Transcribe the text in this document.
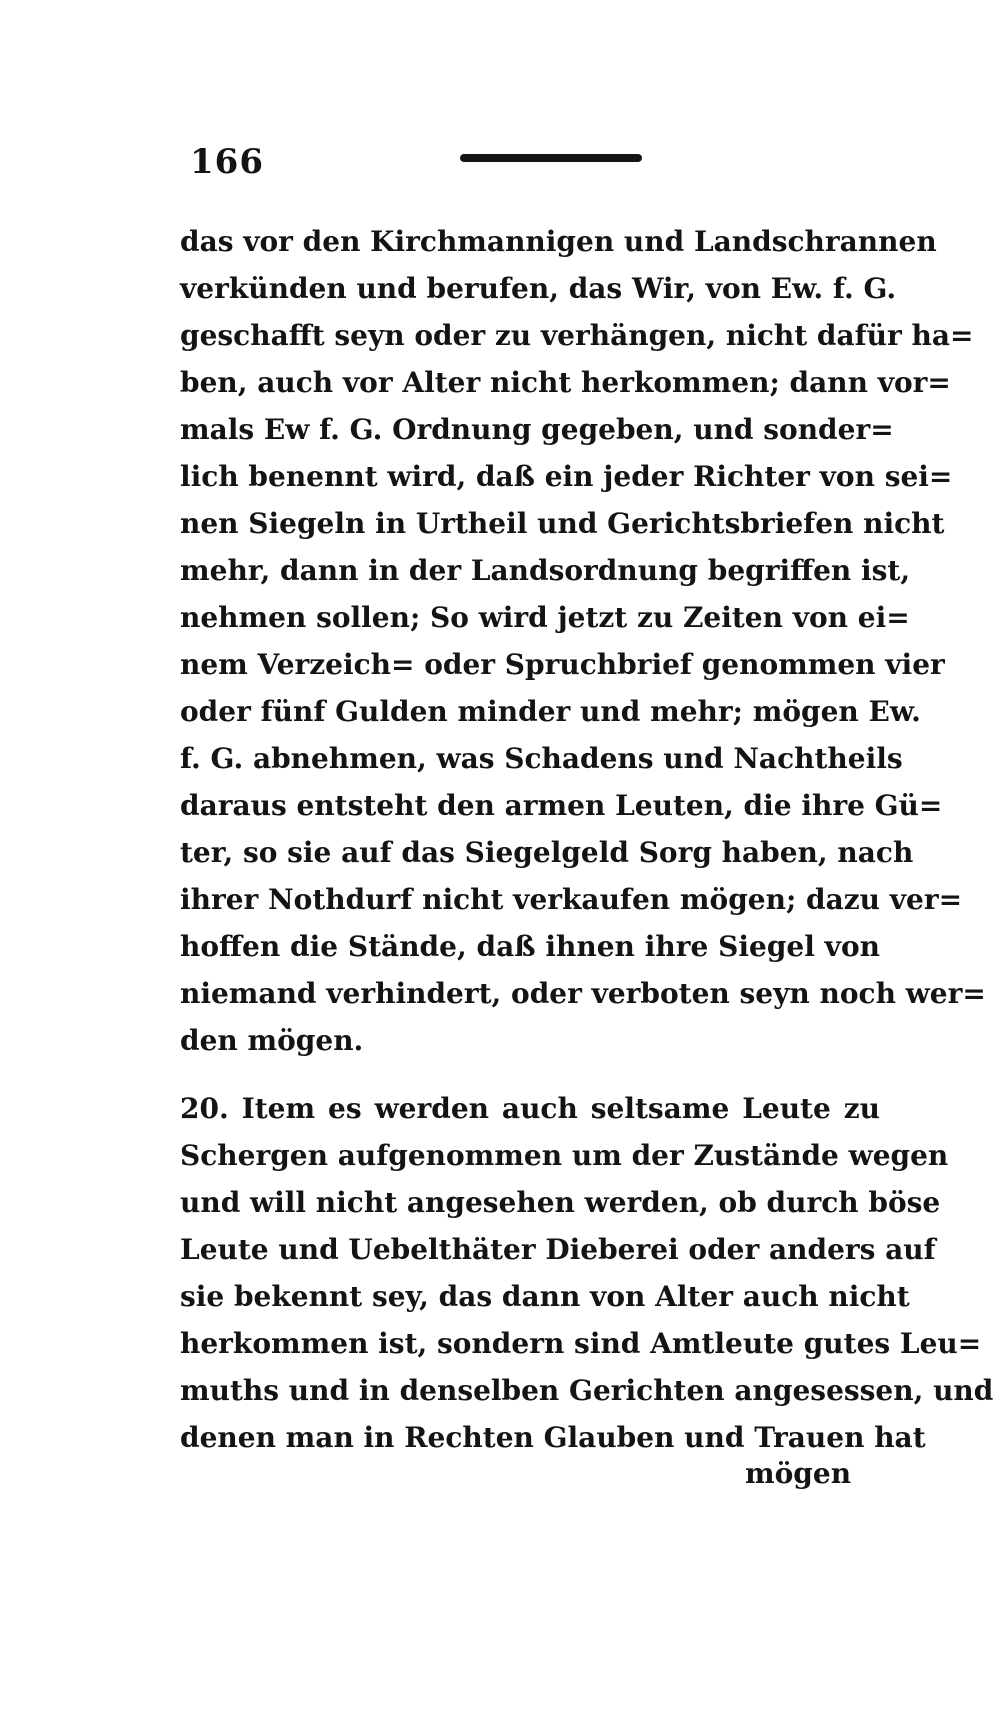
166
das vor den Kirchmannigen und Landschrannen
verkünden und berufen, das Wir, von Ew. f. G.
geschafft seyn oder zu verhängen, nicht dafür ha=
ben, auch vor Alter nicht herkommen; dann vor=
mals Ew f. G. Ordnung gegeben, und sonder=
lich benennt wird, daß ein jeder Richter von sei=
nen Siegeln in Urtheil und Gerichtsbriefen nicht
mehr, dann in der Landsordnung begriffen ist,
nehmen sollen; So wird jetzt zu Zeiten von ei=
nem Verzeich= oder Spruchbrief genommen vier
oder fünf Gulden minder und mehr; mögen Ew.
f. G. abnehmen, was Schadens und Nachtheils
daraus entsteht den armen Leuten, die ihre Gü=
ter, so sie auf das Siegelgeld Sorg haben, nach
ihrer Nothdurf nicht verkaufen mögen; dazu ver=
hoffen die Stände, daß ihnen ihre Siegel von
niemand verhindert, oder verboten seyn noch wer=
den mögen.
20. Item es werden auch seltsame Leute zu
Schergen aufgenommen um der Zustände wegen
und will nicht angesehen werden, ob durch böse
Leute und Uebelthäter Dieberei oder anders auf
sie bekennt sey, das dann von Alter auch nicht
herkommen ist, sondern sind Amtleute gutes Leu=
muths und in denselben Gerichten angesessen, und
denen man in Rechten Glauben und Trauen hat
mögen
